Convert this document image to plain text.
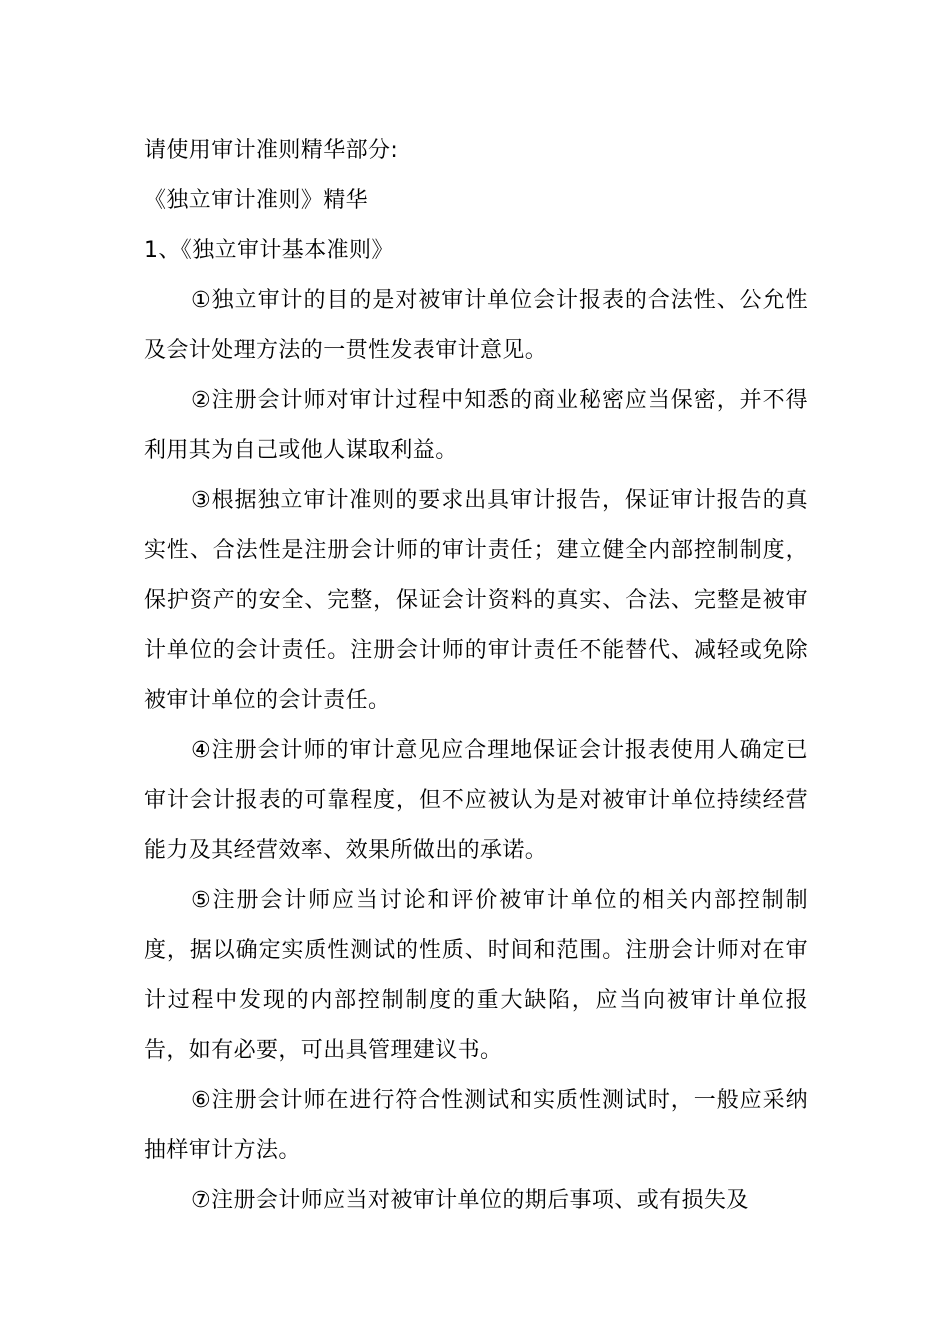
请使用审计准则精华部分:

《独立审计准则》精华

1、《独立审计基本准则》

①独立审计的目的是对被审计单位会计报表的合法性、公允性及会计处理方法的一贯性发表审计意见。

②注册会计师对审计过程中知悉的商业秘密应当保密，并不得利用其为自己或他人谋取利益。

③根据独立审计准则的要求出具审计报告，保证审计报告的真实性、合法性是注册会计师的审计责任；建立健全内部控制制度，保护资产的安全、完整，保证会计资料的真实、合法、完整是被审计单位的会计责任。注册会计师的审计责任不能替代、减轻或免除被审计单位的会计责任。

④注册会计师的审计意见应合理地保证会计报表使用人确定已审计会计报表的可靠程度，但不应被认为是对被审计单位持续经营能力及其经营效率、效果所做出的承诺。

⑤注册会计师应当讨论和评价被审计单位的相关内部控制制度，据以确定实质性测试的性质、时间和范围。注册会计师对在审计过程中发现的内部控制制度的重大缺陷，应当向被审计单位报告，如有必要，可出具管理建议书。

⑥注册会计师在进行符合性测试和实质性测试时，一般应采纳抽样审计方法。

⑦注册会计师应当对被审计单位的期后事项、或有损失及
